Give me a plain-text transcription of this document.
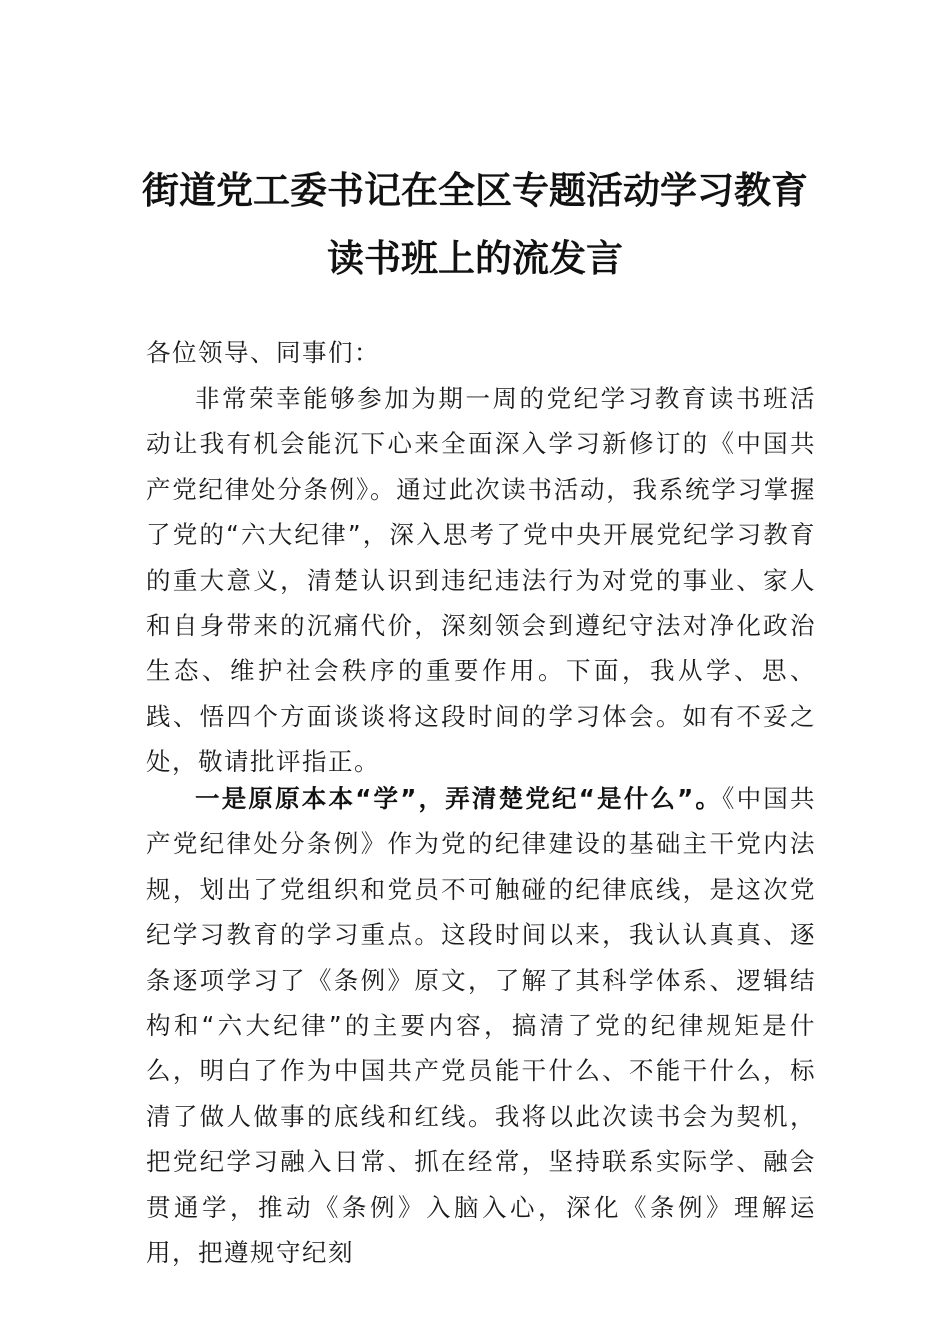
街道党工委书记在全区专题活动学习教育
读书班上的流发言

各位领导、同事们：

非常荣幸能够参加为期一周的党纪学习教育读书班活动让我有机会能沉下心来全面深入学习新修订的《中国共产党纪律处分条例》。通过此次读书活动，我系统学习掌握了党的“六大纪律”，深入思考了党中央开展党纪学习教育的重大意义，清楚认识到违纪违法行为对党的事业、家人和自身带来的沉痛代价，深刻领会到遵纪守法对净化政治生态、维护社会秩序的重要作用。下面，我从学、思、践、悟四个方面谈谈将这段时间的学习体会。如有不妥之处，敬请批评指正。

一是原原本本“学”，弄清楚党纪“是什么”。《中国共产党纪律处分条例》作为党的纪律建设的基础主干党内法规，划出了党组织和党员不可触碰的纪律底线，是这次党纪学习教育的学习重点。这段时间以来，我认认真真、逐条逐项学习了《条例》原文，了解了其科学体系、逻辑结构和“六大纪律”的主要内容，搞清了党的纪律规矩是什么，明白了作为中国共产党员能干什么、不能干什么，标清了做人做事的底线和红线。我将以此次读书会为契机，把党纪学习融入日常、抓在经常，坚持联系实际学、融会贯通学，推动《条例》入脑入心，深化《条例》理解运用，把遵规守纪刻
